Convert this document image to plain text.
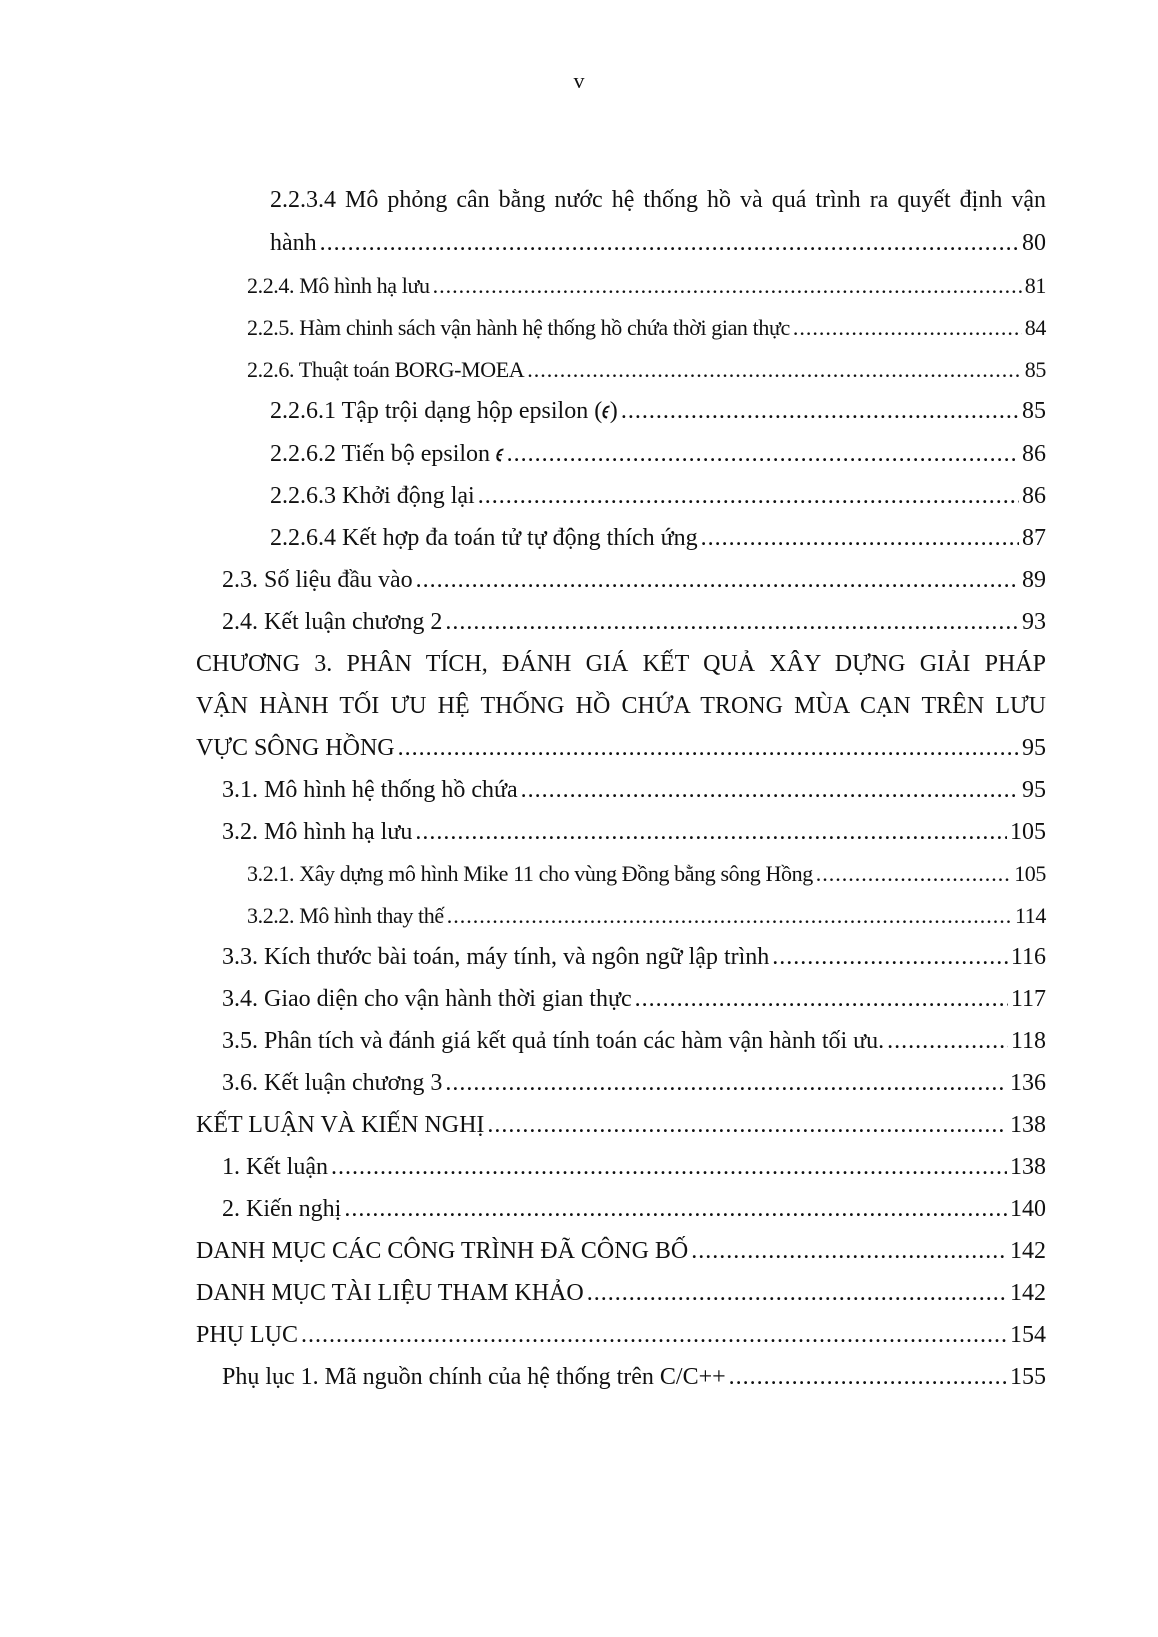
v
2.2.3.4 Mô phỏng cân bằng nước hệ thống hồ và quá trình ra quyết định vận
hành .....	80
2.2.4. Mô hình hạ lưu .....	81
2.2.5. Hàm chinh sách vận hành hệ thống hồ chứa thời gian thực .....	84
2.2.6. Thuật toán BORG-MOEA .....	85
2.2.6.1 Tập trội dạng hộp epsilon (𝜖) .....	85
2.2.6.2 Tiến bộ epsilon 𝜖 .....	86
2.2.6.3 Khởi động lại .....	86
2.2.6.4 Kết hợp đa toán tử tự động thích ứng .....	87
2.3. Số liệu đầu vào .....	89
2.4. Kết luận chương 2 .....	93
CHƯƠNG 3. PHÂN TÍCH, ĐÁNH GIÁ KẾT QUẢ XÂY DỰNG GIẢI PHÁP
VẬN HÀNH TỐI ƯU HỆ THỐNG HỒ CHỨA TRONG MÙA CẠN TRÊN LƯU
VỰC SÔNG HỒNG .....	95
3.1. Mô hình hệ thống hồ chứa .....	95
3.2. Mô hình hạ lưu .....	105
3.2.1. Xây dựng mô hình Mike 11 cho vùng Đồng bằng sông Hồng .....	105
3.2.2. Mô hình thay thế .....	114
3.3. Kích thước bài toán, máy tính, và ngôn ngữ lập trình .....	116
3.4. Giao diện cho vận hành thời gian thực .....	117
3.5. Phân tích và đánh giá kết quả tính toán các hàm vận hành tối ưu. .....	118
3.6. Kết luận chương 3 .....	136
KẾT LUẬN VÀ KIẾN NGHỊ .....	138
1. Kết luận .....	138
2. Kiến nghị .....	140
DANH MỤC CÁC CÔNG TRÌNH ĐÃ CÔNG BỐ .....	142
DANH MỤC TÀI LIỆU THAM KHẢO .....	142
PHỤ LỤC .....	154
Phụ lục 1. Mã nguồn chính của hệ thống trên C/C++ .....	155
